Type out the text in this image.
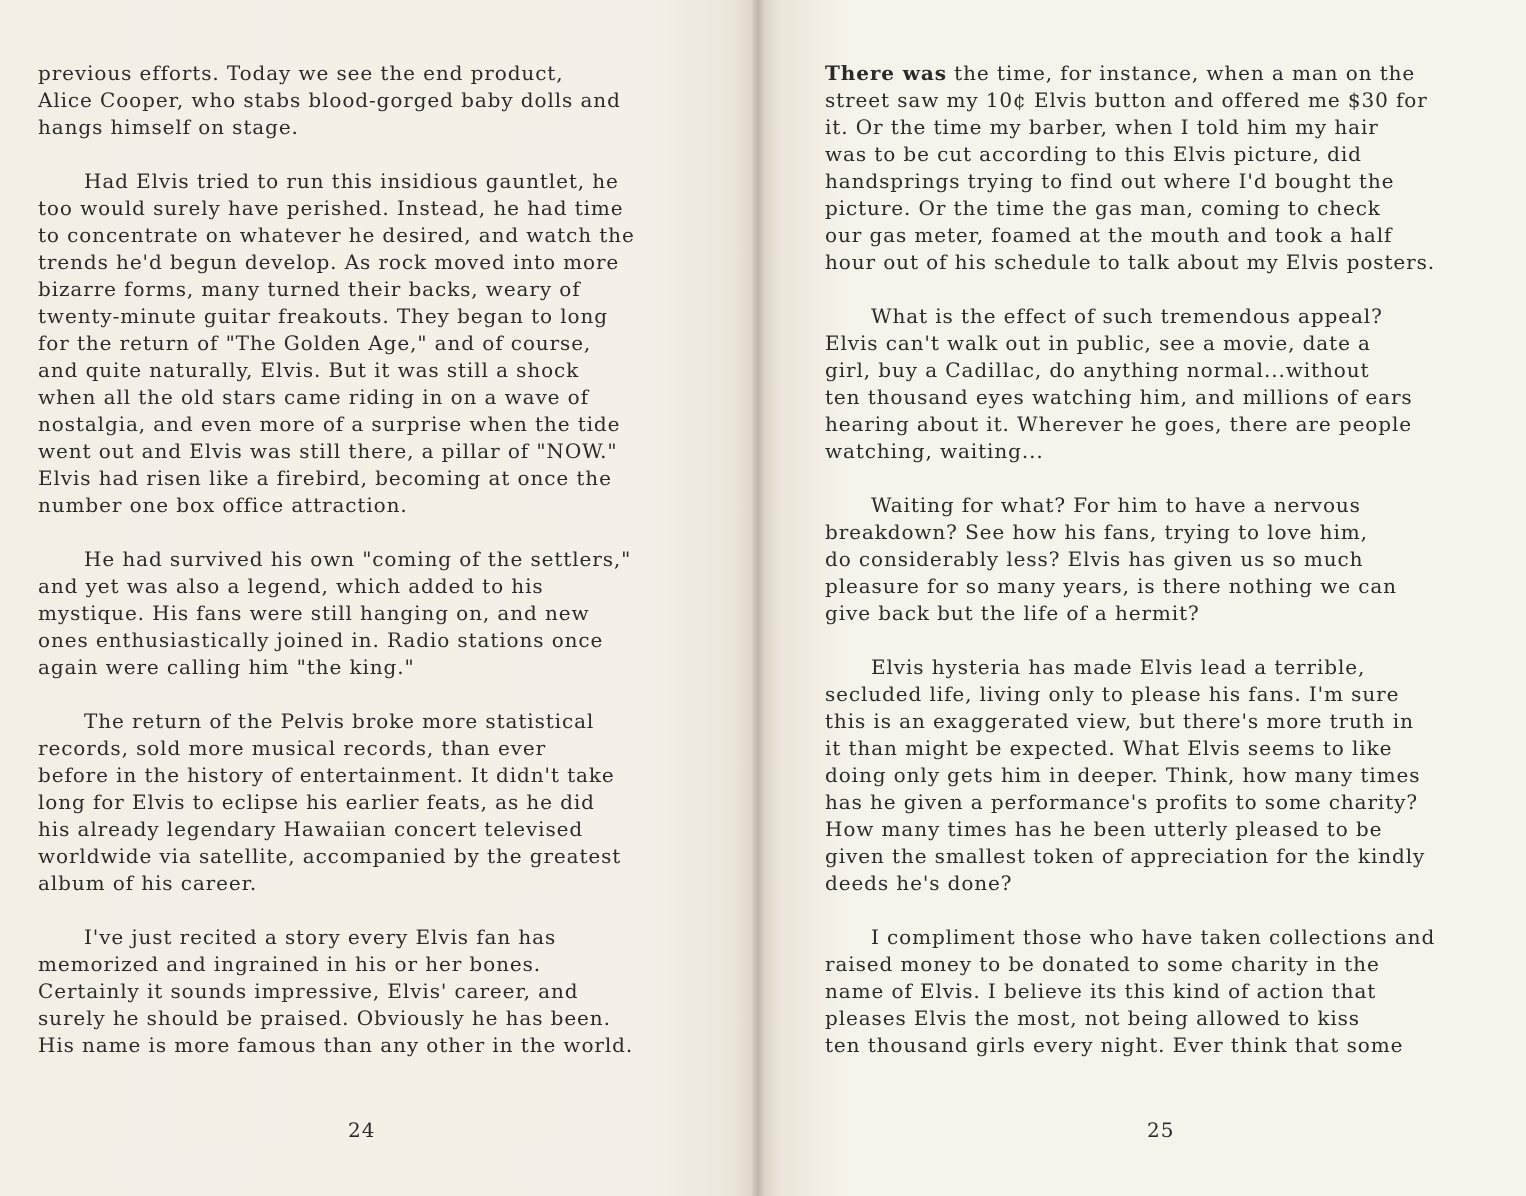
previous efforts. Today we see the end product,
Alice Cooper, who stabs blood-gorged baby dolls and
hangs himself on stage.
Had Elvis tried to run this insidious gauntlet, he
too would surely have perished. Instead, he had time
to concentrate on whatever he desired, and watch the
trends he'd begun develop. As rock moved into more
bizarre forms, many turned their backs, weary of
twenty-minute guitar freakouts. They began to long
for the return of "The Golden Age," and of course,
and quite naturally, Elvis. But it was still a shock
when all the old stars came riding in on a wave of
nostalgia, and even more of a surprise when the tide
went out and Elvis was still there, a pillar of "NOW."
Elvis had risen like a firebird, becoming at once the
number one box office attraction.
He had survived his own "coming of the settlers,"
and yet was also a legend, which added to his
mystique. His fans were still hanging on, and new
ones enthusiastically joined in. Radio stations once
again were calling him "the king."
The return of the Pelvis broke more statistical
records, sold more musical records, than ever
before in the history of entertainment. It didn't take
long for Elvis to eclipse his earlier feats, as he did
his already legendary Hawaiian concert televised
worldwide via satellite, accompanied by the greatest
album of his career.
I've just recited a story every Elvis fan has
memorized and ingrained in his or her bones.
Certainly it sounds impressive, Elvis' career, and
surely he should be praised. Obviously he has been.
His name is more famous than any other in the world.
24
There was the time, for instance, when a man on the
street saw my 10¢ Elvis button and offered me $30 for
it. Or the time my barber, when I told him my hair
was to be cut according to this Elvis picture, did
handsprings trying to find out where I'd bought the
picture. Or the time the gas man, coming to check
our gas meter, foamed at the mouth and took a half
hour out of his schedule to talk about my Elvis posters.
What is the effect of such tremendous appeal?
Elvis can't walk out in public, see a movie, date a
girl, buy a Cadillac, do anything normal...without
ten thousand eyes watching him, and millions of ears
hearing about it. Wherever he goes, there are people
watching, waiting...
Waiting for what? For him to have a nervous
breakdown? See how his fans, trying to love him,
do considerably less? Elvis has given us so much
pleasure for so many years, is there nothing we can
give back but the life of a hermit?
Elvis hysteria has made Elvis lead a terrible,
secluded life, living only to please his fans. I'm sure
this is an exaggerated view, but there's more truth in
it than might be expected. What Elvis seems to like
doing only gets him in deeper. Think, how many times
has he given a performance's profits to some charity?
How many times has he been utterly pleased to be
given the smallest token of appreciation for the kindly
deeds he's done?
I compliment those who have taken collections and
raised money to be donated to some charity in the
name of Elvis. I believe its this kind of action that
pleases Elvis the most, not being allowed to kiss
ten thousand girls every night. Ever think that some
25
